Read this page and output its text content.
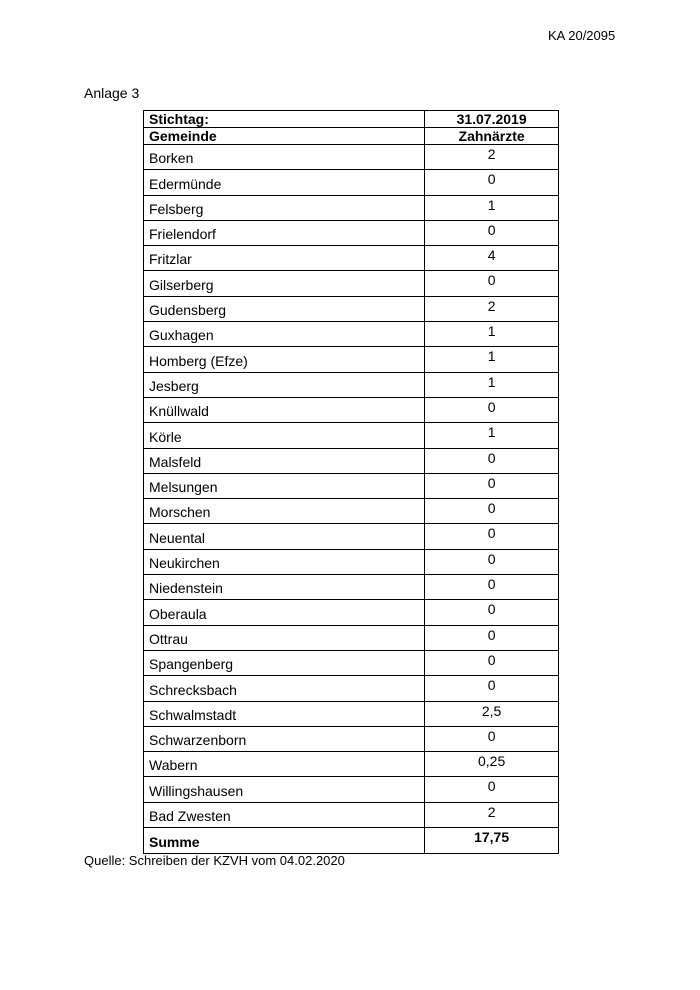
KA 20/2095
Anlage 3
Stichtag:	31.07.2019
Gemeinde	Zahnärzte
Borken	2
Edermünde	0
Felsberg	1
Frielendorf	0
Fritzlar	4
Gilserberg	0
Gudensberg	2
Guxhagen	1
Homberg (Efze)	1
Jesberg	1
Knüllwald	0
Körle	1
Malsfeld	0
Melsungen	0
Morschen	0
Neuental	0
Neukirchen	0
Niedenstein	0
Oberaula	0
Ottrau	0
Spangenberg	0
Schrecksbach	0
Schwalmstadt	2,5
Schwarzenborn	0
Wabern	0,25
Willingshausen	0
Bad Zwesten	2
Summe	17,75
Quelle: Schreiben der KZVH vom 04.02.2020
